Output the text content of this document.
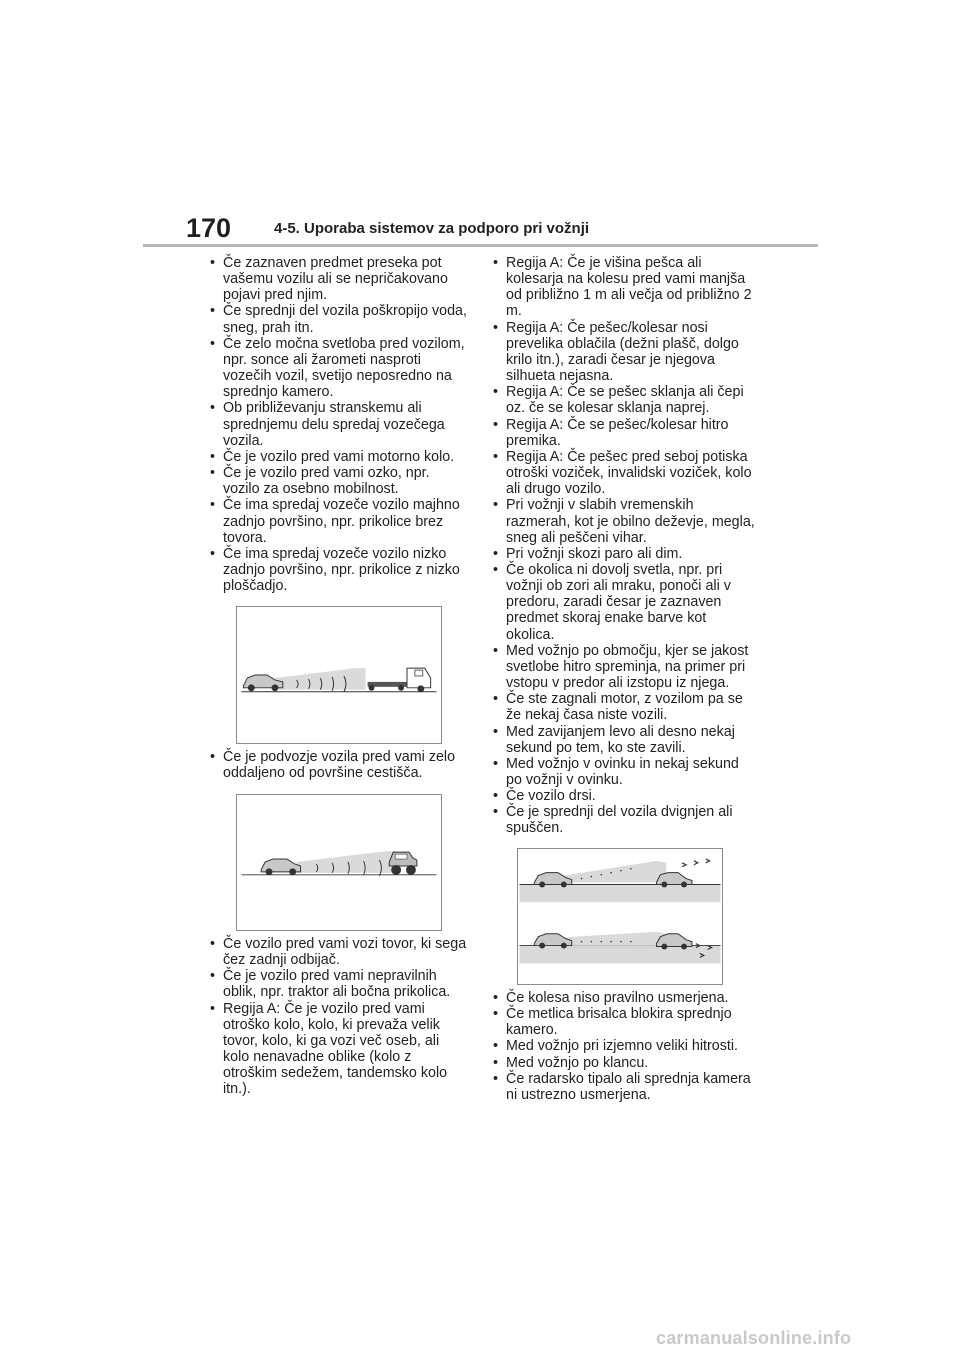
170	4-5. Uporaba sistemov za podporo pri vožnji
• Če zaznaven predmet preseka pot vašemu vozilu ali se nepričakovano pojavi pred njim.
• Če sprednji del vozila poškropijo voda, sneg, prah itn.
• Če zelo močna svetloba pred vozilom, npr. sonce ali žarometi nasproti vozečih vozil, svetijo neposredno na sprednjo kamero.
• Ob približevanju stranskemu ali sprednjemu delu spredaj vozečega vozila.
• Če je vozilo pred vami motorno kolo.
• Če je vozilo pred vami ozko, npr. vozilo za osebno mobilnost.
• Če ima spredaj vozeče vozilo majhno zadnjo površino, npr. prikolice brez tovora.
• Če ima spredaj vozeče vozilo nizko zadnjo površino, npr. prikolice z nizko ploščadjo.
• Če je podvozje vozila pred vami zelo oddaljeno od površine cestišča.
• Če vozilo pred vami vozi tovor, ki sega čez zadnji odbijač.
• Če je vozilo pred vami nepravilnih oblik, npr. traktor ali bočna prikolica.
• Regija A: Če je vozilo pred vami otroško kolo, kolo, ki prevaža velik tovor, kolo, ki ga vozi več oseb, ali kolo nenavadne oblike (kolo z otroškim sedežem, tandemsko kolo itn.).
• Regija A: Če je višina pešca ali kolesarja na kolesu pred vami manjša od približno 1 m ali večja od približno 2 m.
• Regija A: Če pešec/kolesar nosi prevelika oblačila (dežni plašč, dolgo krilo itn.), zaradi česar je njegova silhueta nejasna.
• Regija A: Če se pešec sklanja ali čepi oz. če se kolesar sklanja naprej.
• Regija A: Če se pešec/kolesar hitro premika.
• Regija A: Če pešec pred seboj potiska otroški voziček, invalidski voziček, kolo ali drugo vozilo.
• Pri vožnji v slabih vremenskih razmerah, kot je obilno deževje, megla, sneg ali peščeni vihar.
• Pri vožnji skozi paro ali dim.
• Če okolica ni dovolj svetla, npr. pri vožnji ob zori ali mraku, ponoči ali v predoru, zaradi česar je zaznaven predmet skoraj enake barve kot okolica.
• Med vožnjo po območju, kjer se jakost svetlobe hitro spreminja, na primer pri vstopu v predor ali izstopu iz njega.
• Če ste zagnali motor, z vozilom pa se že nekaj časa niste vozili.
• Med zavijanjem levo ali desno nekaj sekund po tem, ko ste zavili.
• Med vožnjo v ovinku in nekaj sekund po vožnji v ovinku.
• Če vozilo drsi.
• Če je sprednji del vozila dvignjen ali spuščen.
• Če kolesa niso pravilno usmerjena.
• Če metlica brisalca blokira sprednjo kamero.
• Med vožnjo pri izjemno veliki hitrosti.
• Med vožnjo po klancu.
• Če radarsko tipalo ali sprednja kamera ni ustrezno usmerjena.
carmanualsonline.info
